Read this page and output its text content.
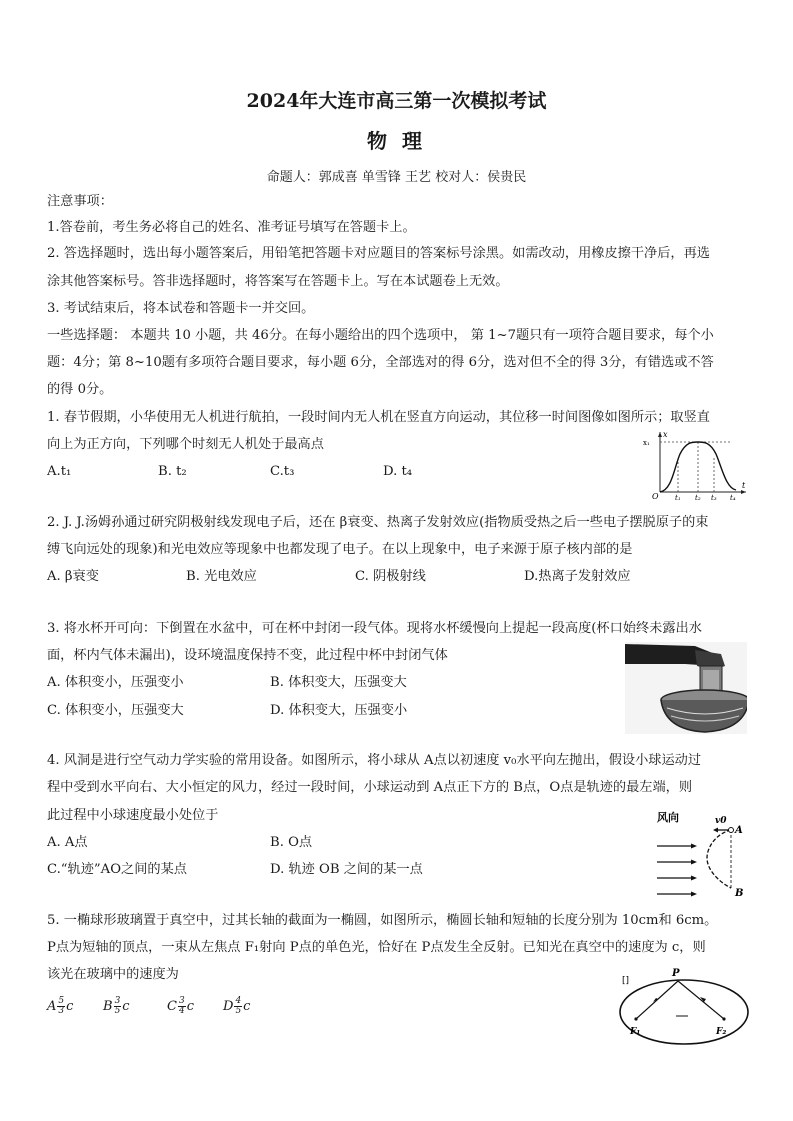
2024年大连市高三第一次模拟考试
物 理
命题人：郭成喜 单雪锋 王艺 校对人：侯贵民
注意事项：
1.答卷前，考生务必将自己的姓名、准考证号填写在答题卡上。
2. 答选择题时，选出每小题答案后，用铅笔把答题卡对应题目的答案标号涂黑。如需改动，用橡皮擦干净后，再选
涂其他答案标号。答非选择题时，将答案写在答题卡上。写在本试题卷上无效。
3. 考试结束后，将本试卷和答题卡一并交回。
一些选择题： 本题共 10 小题，共 46分。在每小题给出的四个选项中， 第 1~7题只有一项符合题目要求，每个小
题：4分；第 8~10题有多项符合题目要求，每小题 6分，全部选对的得 6分，选对但不全的得 3分，有错选或不答
的得 0分。
1. 春节假期，小华使用无人机进行航拍，一段时间内无人机在竖直方向运动，其位移一时间图像如图所示；取竖直
向上为正方向，下列哪个时刻无人机处于最高点
A.t₁	B. t₂	C.t₃	D. t₄
x
x₁
O t₁ t₂ t₃ t₄
t
2. J. J.汤姆孙通过研究阴极射线发现电子后，还在 β衰变、热离子发射效应(指物质受热之后一些电子摆脱原子的束
缚飞向远处的现象)和光电效应等现象中也都发现了电子。在以上现象中，电子来源于原子核内部的是
A. β衰变	B. 光电效应	C. 阴极射线	D.热离子发射效应
3. 将水杯开可向：下倒置在水盆中，可在杯中封闭一段气体。现将水杯缓慢向上提起一段高度(杯口始终未露出水
面，杯内气体未漏出)，设环境温度保持不变，此过程中杯中封闭气体
A. 体积变小，压强变小	B. 体积变大，压强变大
C. 体积变小，压强变大	D. 体积变大，压强变小
4. 风洞是进行空气动力学实验的常用设备。如图所示，将小球从 A点以初速度 v₀水平向左抛出，假设小球运动过
程中受到水平向右、大小恒定的风力，经过一段时间，小球运动到 A点正下方的 B点，O点是轨迹的最左端，则
此过程中小球速度最小处位于
A. A点	B. O点
C.“轨迹”AO之间的某点	D. 轨迹 OB 之间的某一点
风向	v0
A
B
5. 一椭球形玻璃置于真空中，过其长轴的截面为一椭圆，如图所示，椭圆长轴和短轴的长度分别为 10cm和 6cm。
P点为短轴的顶点，一束从左焦点 F₁射向 P点的单色光，恰好在 P点发生全反射。已知光在真空中的速度为 c，则
该光在玻璃中的速度为
A $\frac{5}{3}$ c B $\frac{3}{5}$ c	C $\frac{3}{4}$ c D $\frac{4}{5}$ c
[]
P
F₁	F₂
